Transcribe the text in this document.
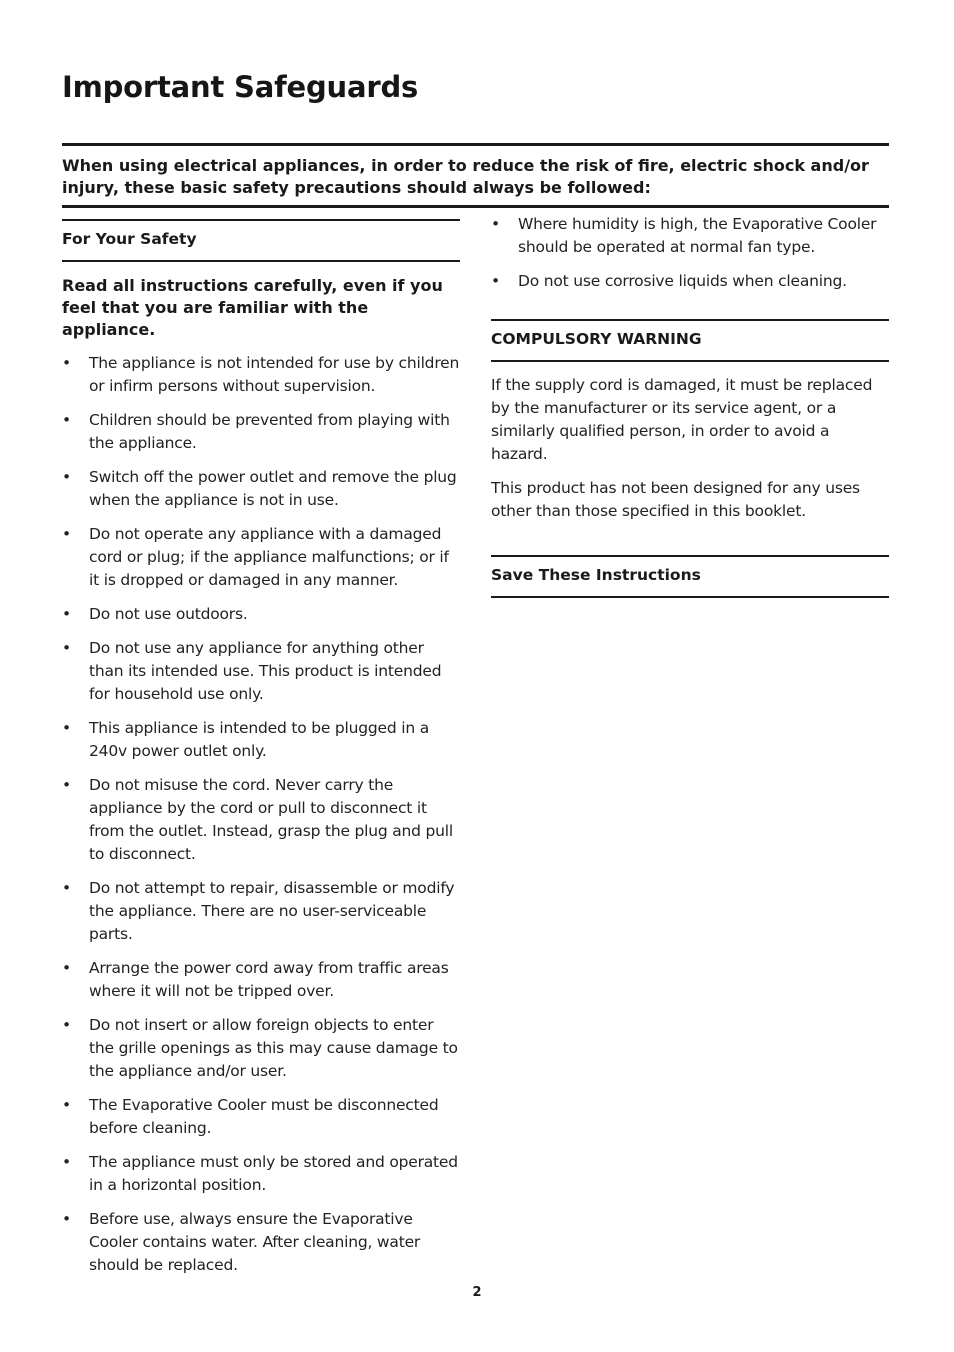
Important Safeguards
When using electrical appliances, in order to reduce the risk of fire, electric shock and/or injury, these basic safety precautions should always be followed:
For Your Safety

Read all instructions carefully, even if you feel that you are familiar with the appliance.

• The appliance is not intended for use by children or infirm persons without supervision.
• Children should be prevented from playing with the appliance.
• Switch off the power outlet and remove the plug when the appliance is not in use.
• Do not operate any appliance with a damaged cord or plug; if the appliance malfunctions; or if it is dropped or damaged in any manner.
• Do not use outdoors.
• Do not use any appliance for anything other than its intended use. This product is intended for household use only.
• This appliance is intended to be plugged in a 240v power outlet only.
• Do not misuse the cord. Never carry the appliance by the cord or pull to disconnect it from the outlet. Instead, grasp the plug and pull to disconnect.
• Do not attempt to repair, disassemble or modify the appliance. There are no user-serviceable parts.
• Arrange the power cord away from traffic areas where it will not be tripped over.
• Do not insert or allow foreign objects to enter the grille openings as this may cause damage to the appliance and/or user.
• The Evaporative Cooler must be disconnected before cleaning.
• The appliance must only be stored and operated in a horizontal position.
• Before use, always ensure the Evaporative Cooler contains water. After cleaning, water should be replaced.
• Where humidity is high, the Evaporative Cooler should be operated at normal fan type.
• Do not use corrosive liquids when cleaning.
COMPULSORY WARNING

If the supply cord is damaged, it must be replaced by the manufacturer or its service agent, or a similarly qualified person, in order to avoid a hazard.

This product has not been designed for any uses other than those specified in this booklet.

Save These Instructions
2
